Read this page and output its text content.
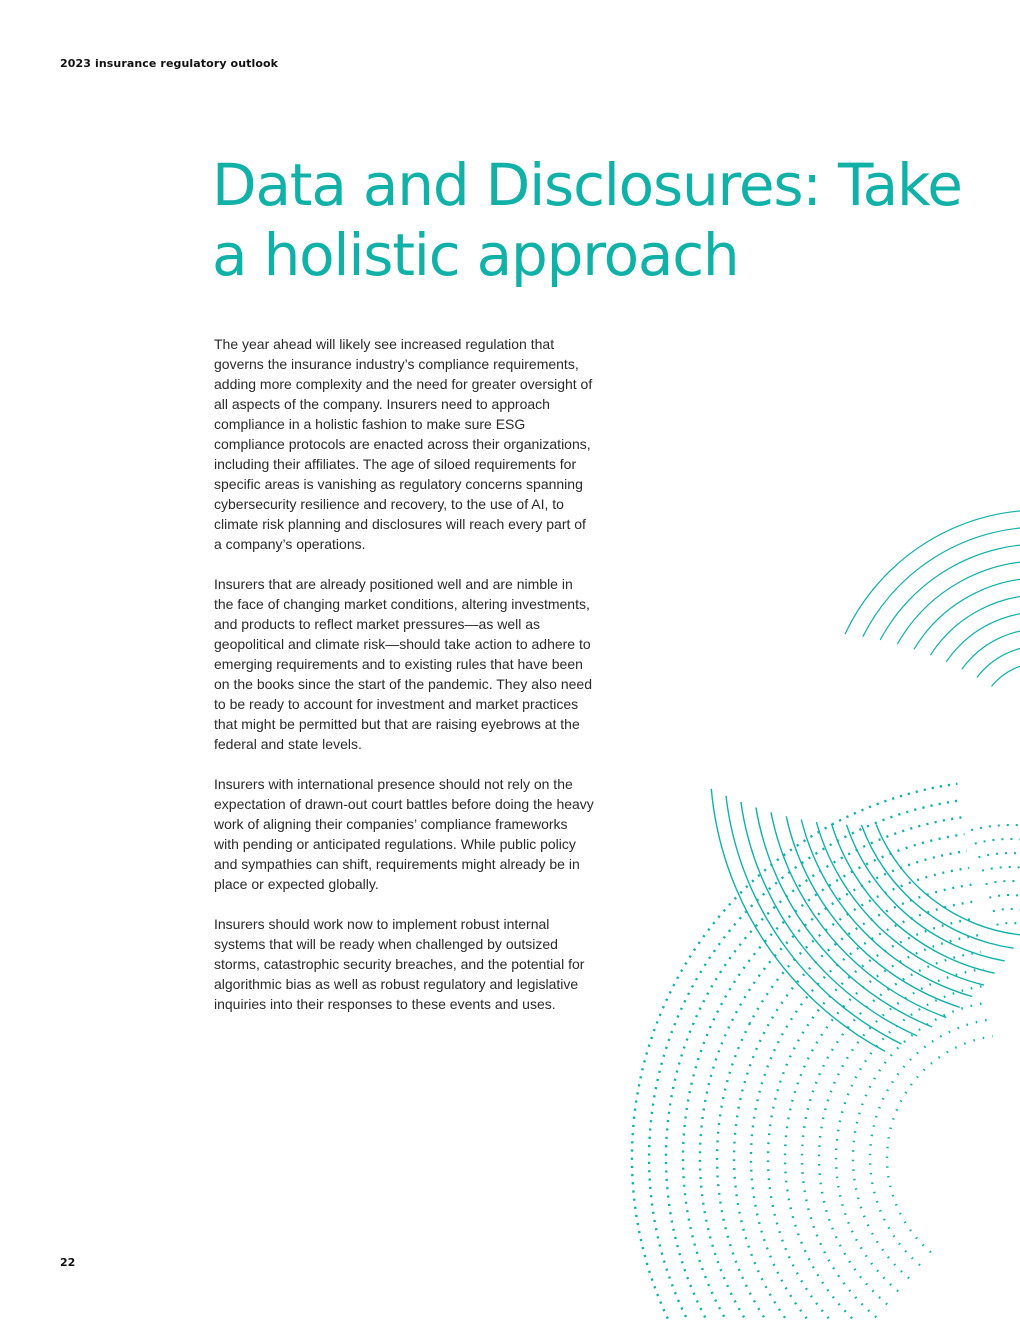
2023 insurance regulatory outlook
Data and Disclosures: Take
a holistic approach

The year ahead will likely see increased regulation that governs the insurance industry’s compliance requirements, adding more complexity and the need for greater oversight of all aspects of the company. Insurers need to approach compliance in a holistic fashion to make sure ESG compliance protocols are enacted across their organizations, including their affiliates. The age of siloed requirements for specific areas is vanishing as regulatory concerns spanning cybersecurity resilience and recovery, to the use of AI, to climate risk planning and disclosures will reach every part of a company’s operations.

Insurers that are already positioned well and are nimble in the face of changing market conditions, altering investments, and products to reflect market pressures—as well as geopolitical and climate risk—should take action to adhere to emerging requirements and to existing rules that have been on the books since the start of the pandemic. They also need to be ready to account for investment and market practices that might be permitted but that are raising eyebrows at the federal and state levels.

Insurers with international presence should not rely on the expectation of drawn-out court battles before doing the heavy work of aligning their companies’ compliance frameworks with pending or anticipated regulations. While public policy and sympathies can shift, requirements might already be in place or expected globally.

Insurers should work now to implement robust internal systems that will be ready when challenged by outsized storms, catastrophic security breaches, and the potential for algorithmic bias as well as robust regulatory and legislative inquiries into their responses to these events and uses.

22
